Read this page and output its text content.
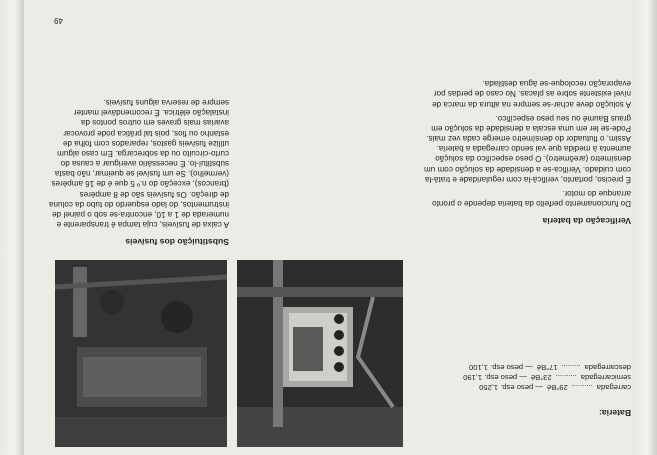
Bateria:

carregada
..........
29°Bé
— peso esp. 1,250
semicarregada
..........
23°Bé
— peso esp. 1,190
descarregada
.........
17°Bé
— peso esp. 1,100

Verificação da bateria

Do funcionamento perfeito da bateria depende o pronto arranque do motor.

É preciso, portanto, verificá-la com regularidade e tratá-la com cuidado. Verifica-se a densidade da solução com um densímetro (areômetro). O peso específico da solução aumenta à medida que vai sendo carregada a bateria. Assim, o flutuador do densímetro emerge cada vez mais. Pode-se ler em uma escala a densidade da solução em graus Baumé ou seu peso específico.

A solução deve achar-se sempre na altura da marca de nível existente sobre as placas. No caso de perdas por evaporação recoloque-se água destilada.

Substituição dos fusíveis

A caixa de fusíveis, cuja tampa é transparente e numerada de 1 a 10, encontra-se sob o painel de instrumentos, do lado esquerdo do tubo da coluna de direção. Os fusíveis são de 8 ampères (brancos), exceção do n.º 5 que é de 16 ampères (vermelho). Se um fusível se queimar, não basta substituí-lo. É necessário averiguar a causa do curto-circuito ou da sobrecarga. Em caso algum utilize fusíveis gastos, reparados com folha de estanho ou fios, pois tal prática pode provocar avarias mais graves em outros pontos da instalação elétrica. É recomendável manter sempre de reserva alguns fusíveis.

49
